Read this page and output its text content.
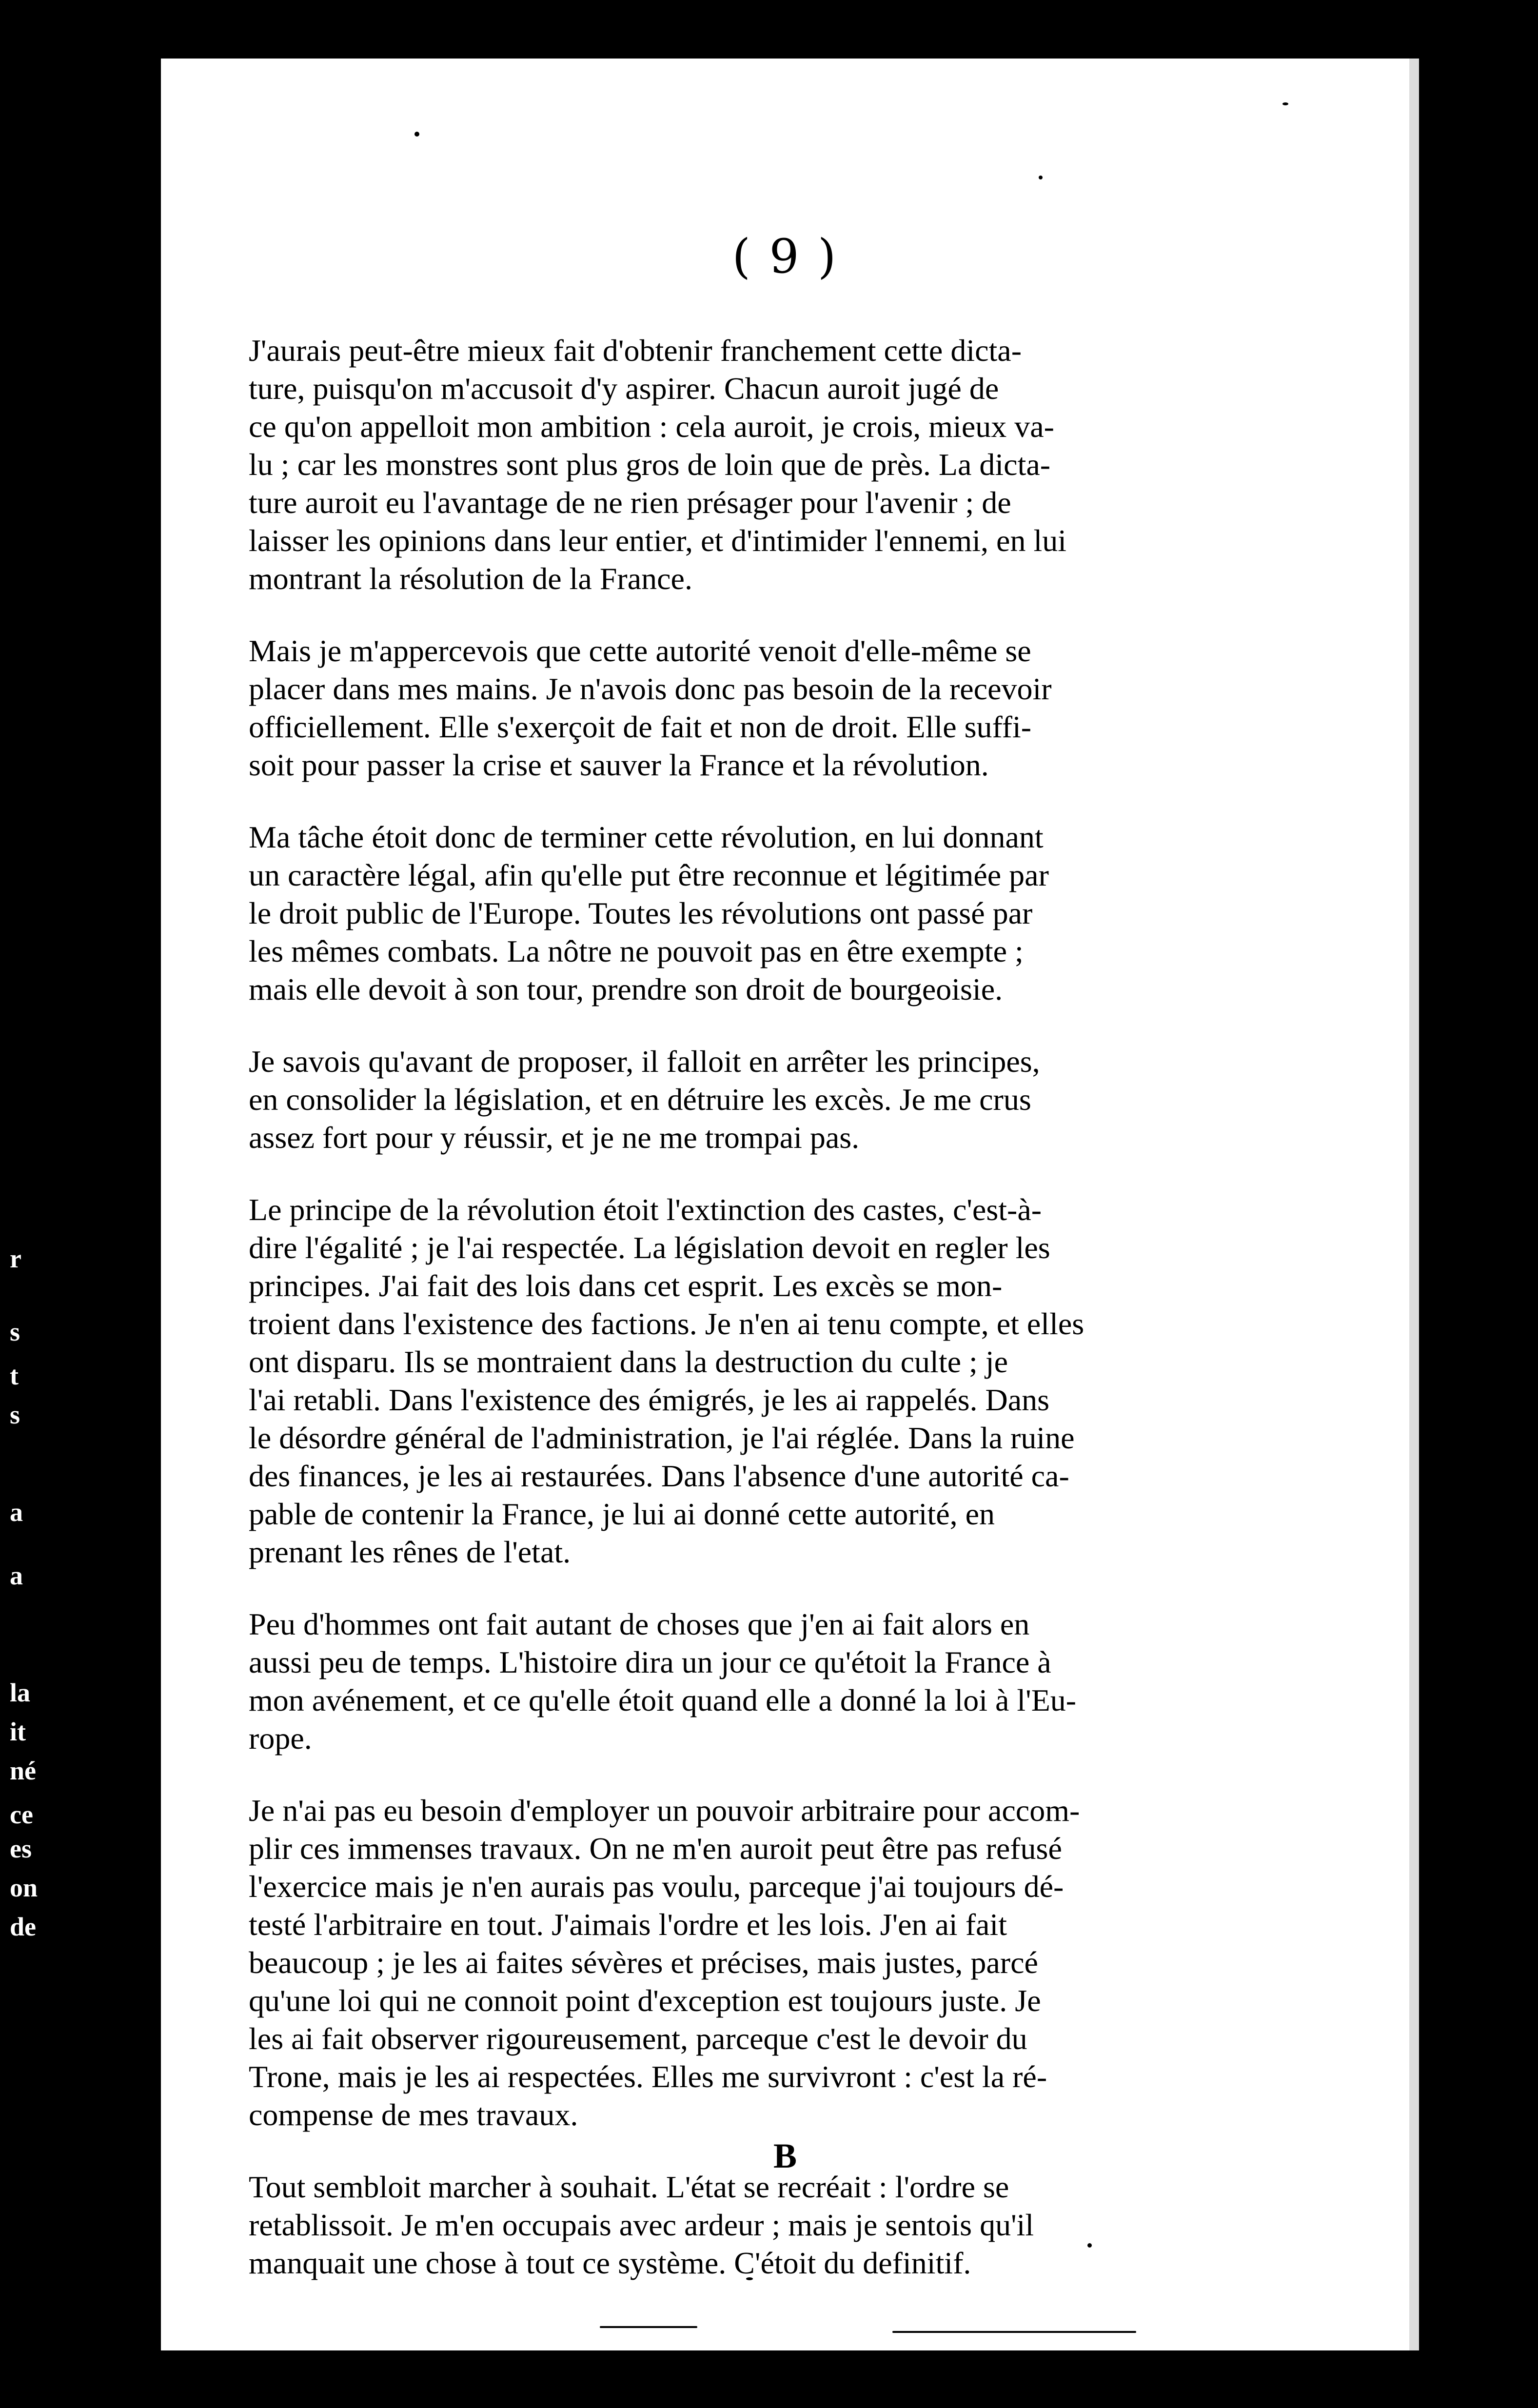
r
s
t
s
a
a
la
it
né
ce
es
on
de
( 9 )
J'aurais peut-être mieux fait d'obtenir franchement cette dicta-
ture, puisqu'on m'accusoit d'y aspirer. Chacun auroit jugé de
ce qu'on appelloit mon ambition : cela auroit, je crois, mieux va-
lu ; car les monstres sont plus gros de loin que de près. La dicta-
ture auroit eu l'avantage de ne rien présager pour l'avenir ; de
laisser les opinions dans leur entier, et d'intimider l'ennemi, en lui
montrant la résolution de la France.
Mais je m'appercevois que cette autorité venoit d'elle-même se
placer dans mes mains. Je n'avois donc pas besoin de la recevoir
officiellement. Elle s'exerçoit de fait et non de droit. Elle suffi-
soit pour passer la crise et sauver la France et la révolution.
Ma tâche étoit donc de terminer cette révolution, en lui donnant
un caractère légal, afin qu'elle put être reconnue et légitimée par
le droit public de l'Europe. Toutes les révolutions ont passé par
les mêmes combats. La nôtre ne pouvoit pas en être exempte ;
mais elle devoit à son tour, prendre son droit de bourgeoisie.
Je savois qu'avant de proposer, il falloit en arrêter les principes,
en consolider la législation, et en détruire les excès. Je me crus
assez fort pour y réussir, et je ne me trompai pas.
Le principe de la révolution étoit l'extinction des castes, c'est-à-
dire l'égalité ; je l'ai respectée. La législation devoit en regler les
principes. J'ai fait des lois dans cet esprit. Les excès se mon-
troient dans l'existence des factions. Je n'en ai tenu compte, et elles
ont disparu. Ils se montraient dans la destruction du culte ; je
l'ai retabli. Dans l'existence des émigrés, je les ai rappelés. Dans
le désordre général de l'administration, je l'ai réglée. Dans la ruine
des finances, je les ai restaurées. Dans l'absence d'une autorité ca-
pable de contenir la France, je lui ai donné cette autorité, en
prenant les rênes de l'etat.
Peu d'hommes ont fait autant de choses que j'en ai fait alors en
aussi peu de temps. L'histoire dira un jour ce qu'étoit la France à
mon avénement, et ce qu'elle étoit quand elle a donné la loi à l'Eu-
rope.
Je n'ai pas eu besoin d'employer un pouvoir arbitraire pour accom-
plir ces immenses travaux. On ne m'en auroit peut être pas refusé
l'exercice mais je n'en aurais pas voulu, parceque j'ai toujours dé-
testé l'arbitraire en tout. J'aimais l'ordre et les lois. J'en ai fait
beaucoup ; je les ai faites sévères et précises, mais justes, parcé
qu'une loi qui ne connoit point d'exception est toujours juste. Je
les ai fait observer rigoureusement, parceque c'est le devoir du
Trone, mais je les ai respectées. Elles me survivront : c'est la ré-
compense de mes travaux.
Tout sembloit marcher à souhait. L'état se recréait : l'ordre se
retablissoit. Je m'en occupais avec ardeur ; mais je sentois qu'il
manquait une chose à tout ce système. C'étoit du definitif.
B
